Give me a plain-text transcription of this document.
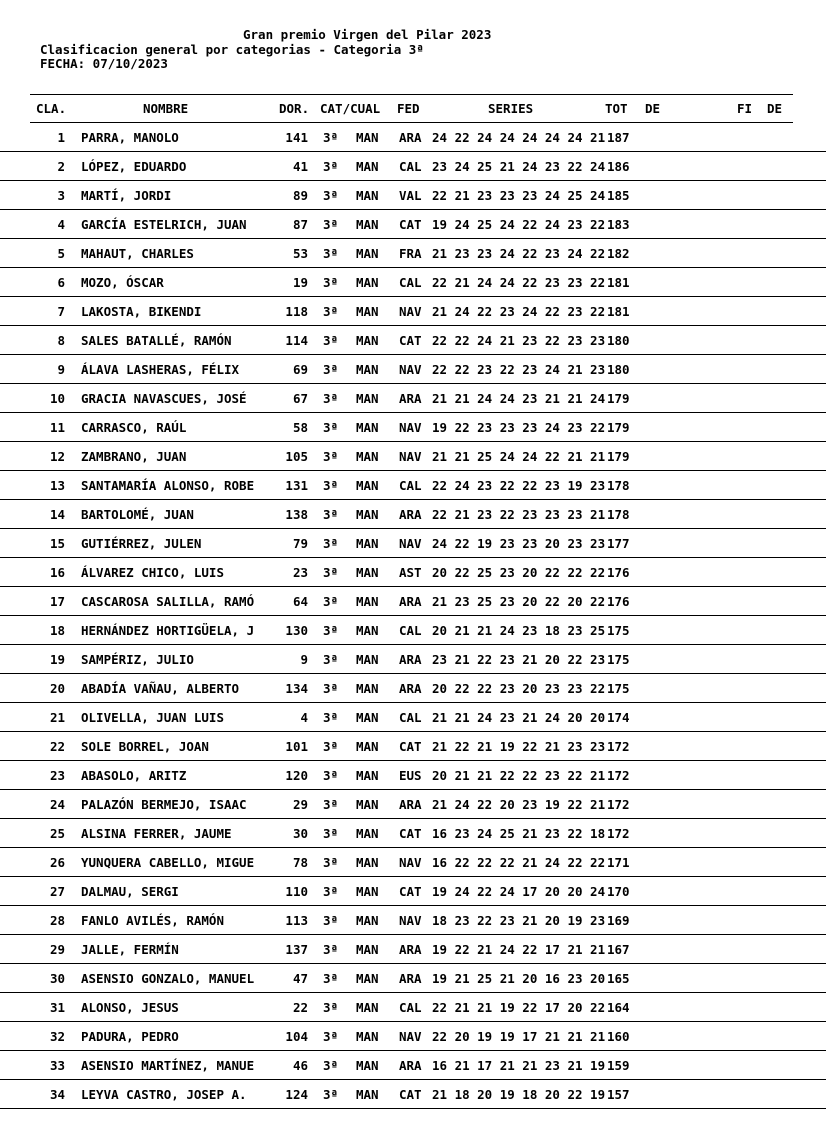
Gran premio Virgen del Pilar 2023
Clasificacion general por categorias - Categoria 3ª
FECHA: 07/10/2023
CLA.	NOMBRE	DOR. CAT/CUAL FED	SERIES	TOT DE	FI DE
1 PARRA, MANOLO	141 3ª MAN ARA 24 22 24 24 24 24 24 21 187
2 LÓPEZ, EDUARDO	41 3ª MAN CAL 23 24 25 21 24 23 22 24 186
3 MARTÍ, JORDI	89 3ª MAN VAL 22 21 23 23 23 24 25 24 185
4 GARCÍA ESTELRICH, JUAN	87 3ª MAN CAT 19 24 25 24 22 24 23 22 183
5 MAHAUT, CHARLES	53 3ª MAN FRA 21 23 23 24 22 23 24 22 182
6 MOZO, ÓSCAR	19 3ª MAN CAL 22 21 24 24 22 23 23 22 181
7 LAKOSTA, BIKENDI	118 3ª MAN NAV 21 24 22 23 24 22 23 22 181
8 SALES BATALLÉ, RAMÓN	114 3ª MAN CAT 22 22 24 21 23 22 23 23 180
9 ÁLAVA LASHERAS, FÉLIX	69 3ª MAN NAV 22 22 23 22 23 24 21 23 180
10 GRACIA NAVASCUES, JOSÉ	67 3ª MAN ARA 21 21 24 24 23 21 21 24 179
11 CARRASCO, RAÚL	58 3ª MAN NAV 19 22 23 23 23 24 23 22 179
12 ZAMBRANO, JUAN	105 3ª MAN NAV 21 21 25 24 24 22 21 21 179
13 SANTAMARÍA ALONSO, ROBE	131 3ª MAN CAL 22 24 23 22 22 23 19 23 178
14 BARTOLOMÉ, JUAN	138 3ª MAN ARA 22 21 23 22 23 23 23 21 178
15 GUTIÉRREZ, JULEN	79 3ª MAN NAV 24 22 19 23 23 20 23 23 177
16 ÁLVAREZ CHICO, LUIS	23 3ª MAN AST 20 22 25 23 20 22 22 22 176
17 CASCAROSA SALILLA, RAMÓ	64 3ª MAN ARA 21 23 25 23 20 22 20 22 176
18 HERNÁNDEZ HORTIGÜELA, J	130 3ª MAN CAL 20 21 21 24 23 18 23 25 175
19 SAMPÉRIZ, JULIO	9 3ª MAN ARA 23 21 22 23 21 20 22 23 175
20 ABADÍA VAÑAU, ALBERTO	134 3ª MAN ARA 20 22 22 23 20 23 23 22 175
21 OLIVELLA, JUAN LUIS	4 3ª MAN CAL 21 21 24 23 21 24 20 20 174
22 SOLE BORREL, JOAN	101 3ª MAN CAT 21 22 21 19 22 21 23 23 172
23 ABASOLO, ARITZ	120 3ª MAN EUS 20 21 21 22 22 23 22 21 172
24 PALAZÓN BERMEJO, ISAAC	29 3ª MAN ARA 21 24 22 20 23 19 22 21 172
25 ALSINA FERRER, JAUME	30 3ª MAN CAT 16 23 24 25 21 23 22 18 172
26 YUNQUERA CABELLO, MIGUE	78 3ª MAN NAV 16 22 22 22 21 24 22 22 171
27 DALMAU, SERGI	110 3ª MAN CAT 19 24 22 24 17 20 20 24 170
28 FANLO AVILÉS, RAMÓN	113 3ª MAN NAV 18 23 22 23 21 20 19 23 169
29 JALLE, FERMÍN	137 3ª MAN ARA 19 22 21 24 22 17 21 21 167
30 ASENSIO GONZALO, MANUEL	47 3ª MAN ARA 19 21 25 21 20 16 23 20 165
31 ALONSO, JESUS	22 3ª MAN CAL 22 21 21 19 22 17 20 22 164
32 PADURA, PEDRO	104 3ª MAN NAV 22 20 19 19 17 21 21 21 160
33 ASENSIO MARTÍNEZ, MANUE	46 3ª MAN ARA 16 21 17 21 21 23 21 19 159
34 LEYVA CASTRO, JOSEP A.	124 3ª MAN CAT 21 18 20 19 18 20 22 19 157
